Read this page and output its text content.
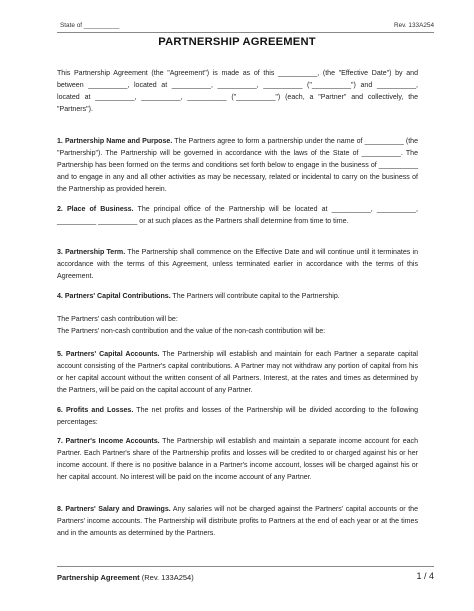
State of __________	Rev. 133A254
PARTNERSHIP AGREEMENT

This Partnership Agreement (the "Agreement") is made as of this __________, (the "Effective Date") by and between __________, located at __________, __________, __________ ("__________") and __________, located at __________, __________, __________ ("__________") (each, a "Partner" and collectively, the "Partners").

1. Partnership Name and Purpose. The Partners agree to form a partnership under the name of __________ (the "Partnership"). The Partnership will be governed in accordance with the laws of the State of __________. The Partnership has been formed on the terms and conditions set forth below to engage in the business of __________ and to engage in any and all other activities as may be necessary, related or incidental to carry on the business of the Partnership as provided herein.

2. Place of Business. The principal office of the Partnership will be located at __________, __________, __________ __________ or at such places as the Partners shall determine from time to time.

3. Partnership Term. The Partnership shall commence on the Effective Date and will continue until it terminates in accordance with the terms of this Agreement, unless terminated earlier in accordance with the terms of this Agreement.

4. Partners' Capital Contributions. The Partners will contribute capital to the Partnership.

The Partners' cash contribution will be:

The Partners' non-cash contribution and the value of the non-cash contribution will be:

5. Partners' Capital Accounts. The Partnership will establish and maintain for each Partner a separate capital account consisting of the Partner's capital contributions. A Partner may not withdraw any portion of capital from his or her capital account without the written consent of all Partners. Interest, at the rates and times as determined by the Partners, will be paid on the capital account of any Partner.

6. Profits and Losses. The net profits and losses of the Partnership will be divided according to the following percentages:

7. Partner's Income Accounts. The Partnership will establish and maintain a separate income account for each Partner. Each Partner's share of the Partnership profits and losses will be credited to or charged against his or her income account. If there is no positive balance in a Partner's income account, losses will be charged against his or her capital account. No interest will be paid on the income account of any Partner.

8. Partners' Salary and Drawings. Any salaries will not be charged against the Partners' capital accounts or the Partners' income accounts. The Partnership will distribute profits to Partners at the end of each year or at the times and in the amounts as determined by the Partners.

Partnership Agreement (Rev. 133A254)	1 / 4
